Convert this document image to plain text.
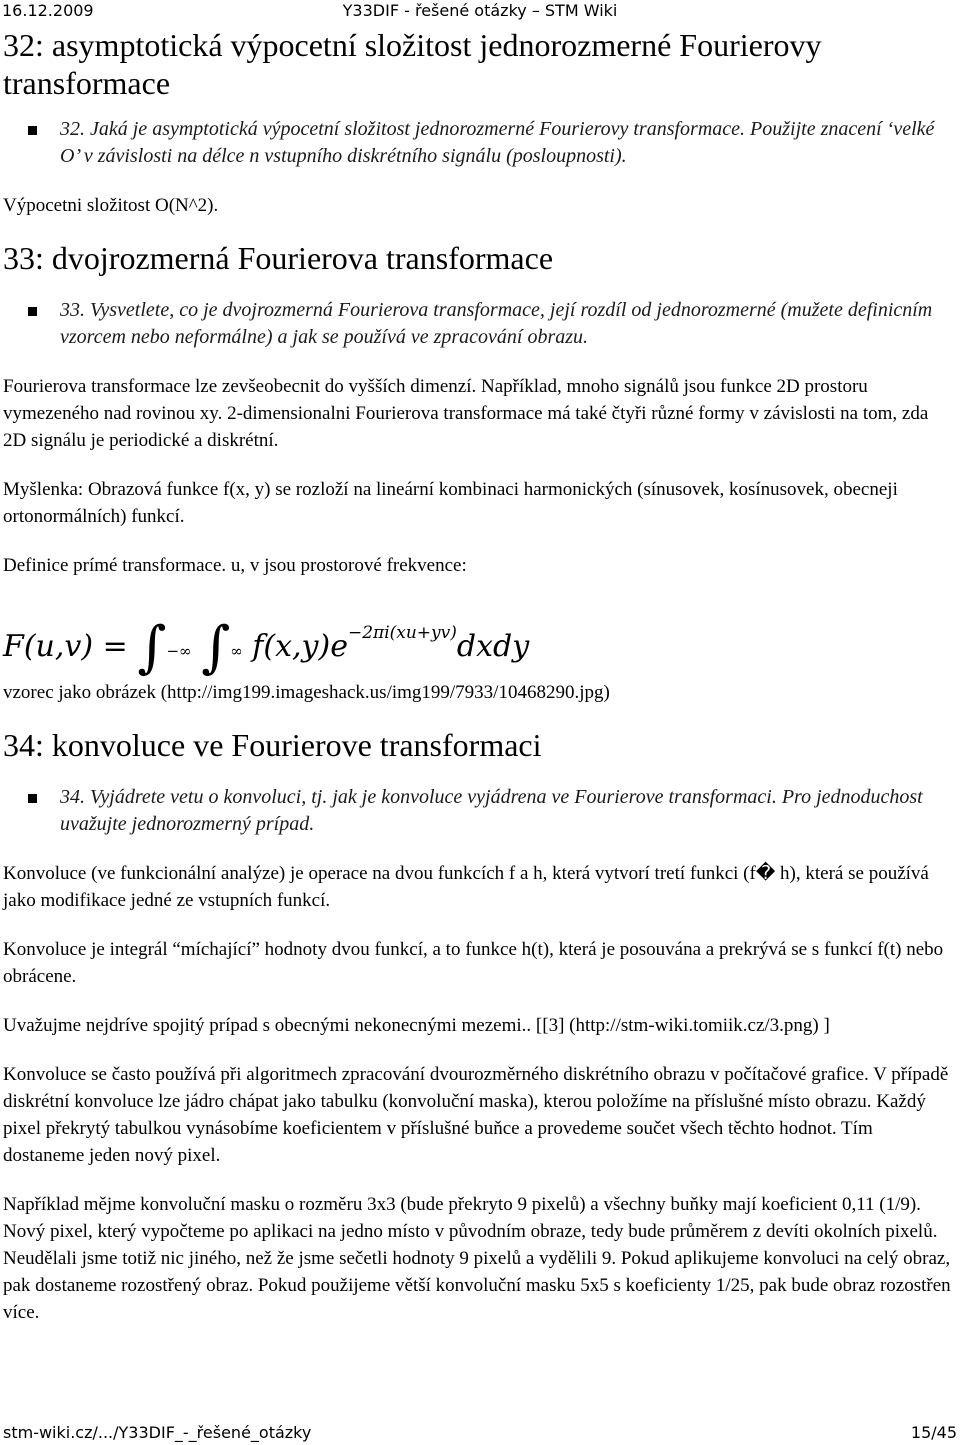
16.12.2009	Y33DIF - řešené otázky – STM Wiki
32: asymptotická výpocetní složitost jednorozmerné Fourierovy transformace
32. Jaká je asymptotická výpocetní složitost jednorozmerné Fourierovy transformace. Použijte znacení ‘velké O’ v závislosti na délce n vstupního diskrétního signálu (posloupnosti).

Výpocetni složitost O(N^2).

33: dvojrozmerná Fourierova transformace
33. Vysvetlete, co je dvojrozmerná Fourierova transformace, její rozdíl od jednorozmerné (mužete definicním vzorcem nebo neformálne) a jak se používá ve zpracování obrazu.

Fourierova transformace lze zevšeobecnit do vyšších dimenzí. Například, mnoho signálů jsou funkce 2D prostoru vymezeného nad rovinou xy. 2-dimensionalni Fourierova transformace má také čtyři různé formy v závislosti na tom, zda 2D signálu je periodické a diskrétní.

Myšlenka: Obrazová funkce f(x, y) se rozloží na lineární kombinaci harmonických (sínusovek, kosínusovek, obecneji ortonormálních) funkcí.

Definice prímé transformace. u, v jsou prostorové frekvence:

F(u,v) = ∫−∞ ∫∞ $f(x,y)e^{-2\pi i(xu+yv)}dxdy$

vzorec jako obrázek (http://img199.imageshack.us/img199/7933/10468290.jpg)

34: konvoluce ve Fourierove transformaci
34. Vyjádrete vetu o konvoluci, tj. jak je konvoluce vyjádrena ve Fourierove transformaci. Pro jednoduchost uvažujte jednorozmerný prípad.

Konvoluce (ve funkcionální analýze) je operace na dvou funkcích f a h, která vytvorí tretí funkci (f� h), která se používá jako modifikace jedné ze vstupních funkcí.

Konvoluce je integrál “míchající” hodnoty dvou funkcí, a to funkce h(t), která je posouvána a prekrývá se s funkcí f(t) nebo obrácene.

Uvažujme nejdríve spojitý prípad s obecnými nekonecnými mezemi.. [[3] (http://stm-wiki.tomiik.cz/3.png) ]

Konvoluce se často používá při algoritmech zpracování dvourozměrného diskrétního obrazu v počítačové grafice. V případě diskrétní konvoluce lze jádro chápat jako tabulku (konvoluční maska), kterou položíme na příslušné místo obrazu. Každý pixel překrytý tabulkou vynásobíme koeficientem v příslušné buňce a provedeme součet všech těchto hodnot. Tím dostaneme jeden nový pixel.

Například mějme konvoluční masku o rozměru 3x3 (bude překryto 9 pixelů) a všechny buňky mají koeficient 0,11 (1/9). Nový pixel, který vypočteme po aplikaci na jedno místo v původním obraze, tedy bude průměrem z devíti okolních pixelů. Neudělali jsme totiž nic jiného, než že jsme sečetli hodnoty 9 pixelů a vydělili 9. Pokud aplikujeme konvoluci na celý obraz, pak dostaneme rozostřený obraz. Pokud použijeme větší konvoluční masku 5x5 s koeficienty 1/25, pak bude obraz rozostřen více.

stm-wiki.cz/.../Y33DIF_-_řešené_otázky	15/45
